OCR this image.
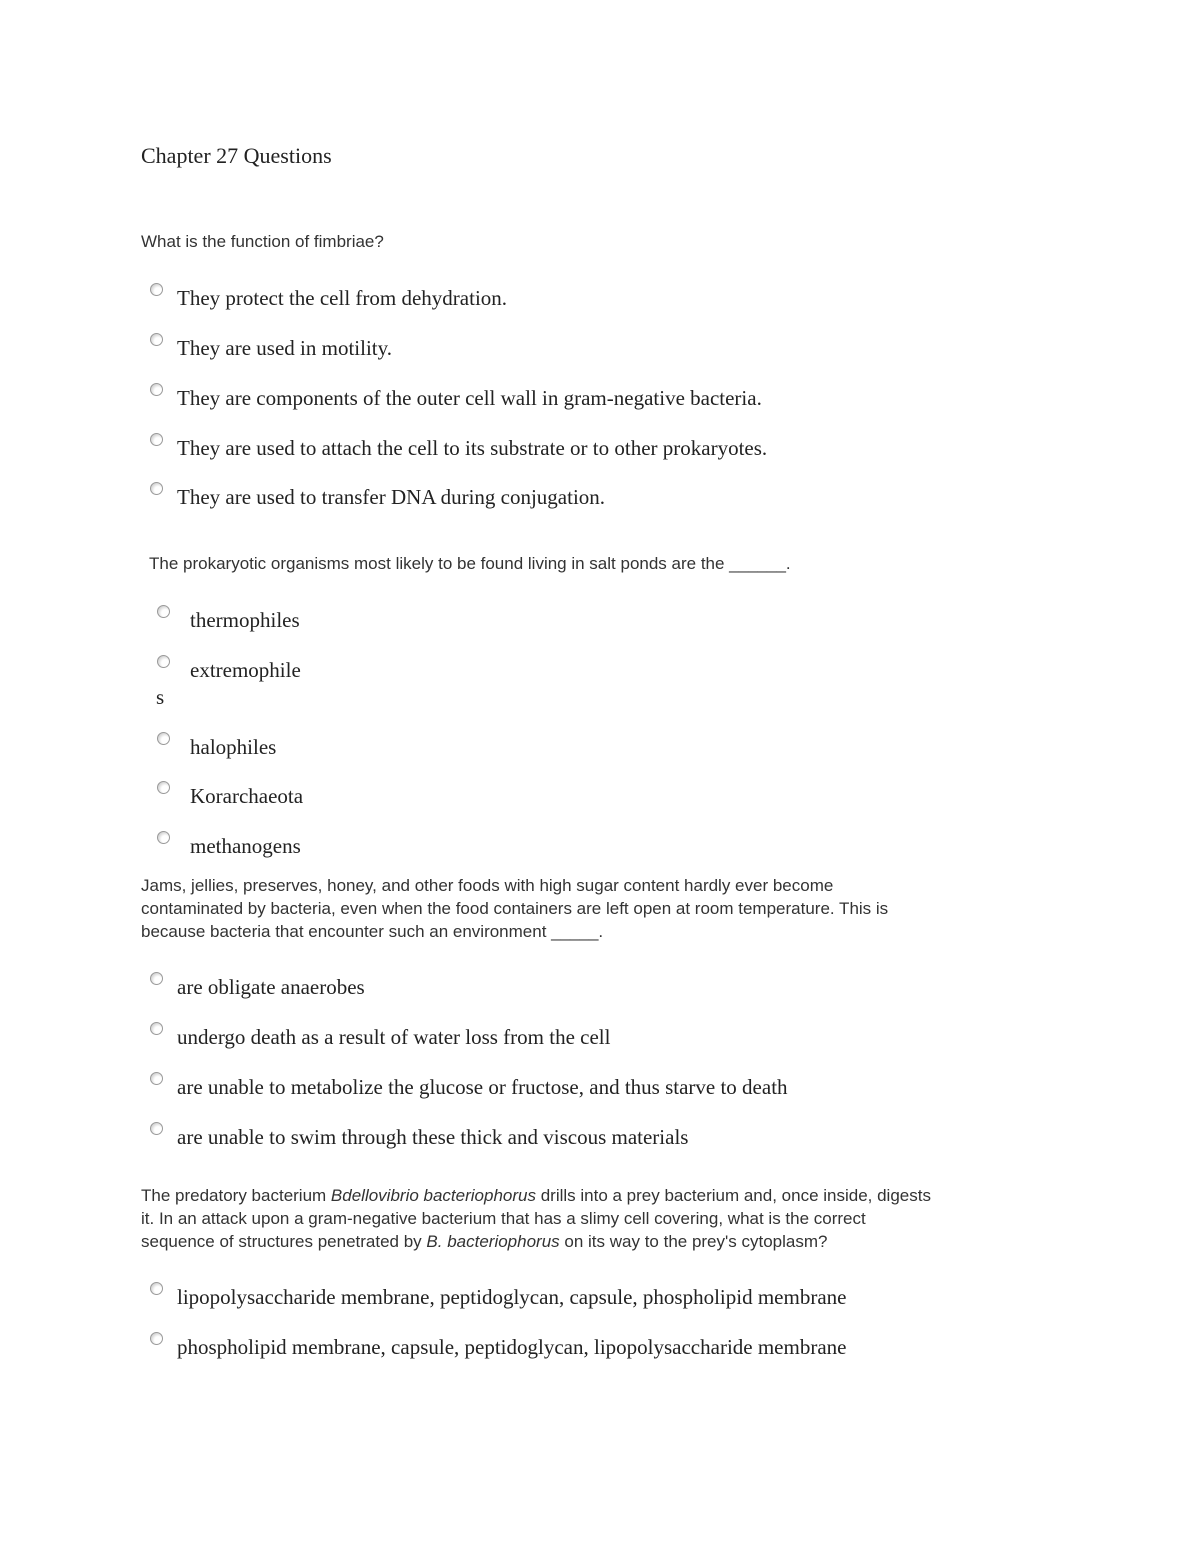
Chapter 27 Questions
What is the function of fimbriae?
They protect the cell from dehydration.
They are used in motility.
They are components of the outer cell wall in gram-negative bacteria.
They are used to attach the cell to its substrate or to other prokaryotes.
They are used to transfer DNA during conjugation.
The prokaryotic organisms most likely to be found living in salt ponds are the ______.
thermophiles
extremophile
s
halophiles
Korarchaeota
methanogens
Jams, jellies, preserves, honey, and other foods with high sugar content hardly ever become
contaminated by bacteria, even when the food containers are left open at room temperature. This is
because bacteria that encounter such an environment _____.
are obligate anaerobes
undergo death as a result of water loss from the cell
are unable to metabolize the glucose or fructose, and thus starve to death
are unable to swim through these thick and viscous materials
The predatory bacterium Bdellovibrio bacteriophorus drills into a prey bacterium and, once inside, digests
it. In an attack upon a gram-negative bacterium that has a slimy cell covering, what is the correct
sequence of structures penetrated by B. bacteriophorus on its way to the prey's cytoplasm?
lipopolysaccharide membrane, peptidoglycan, capsule, phospholipid membrane
phospholipid membrane, capsule, peptidoglycan, lipopolysaccharide membrane
